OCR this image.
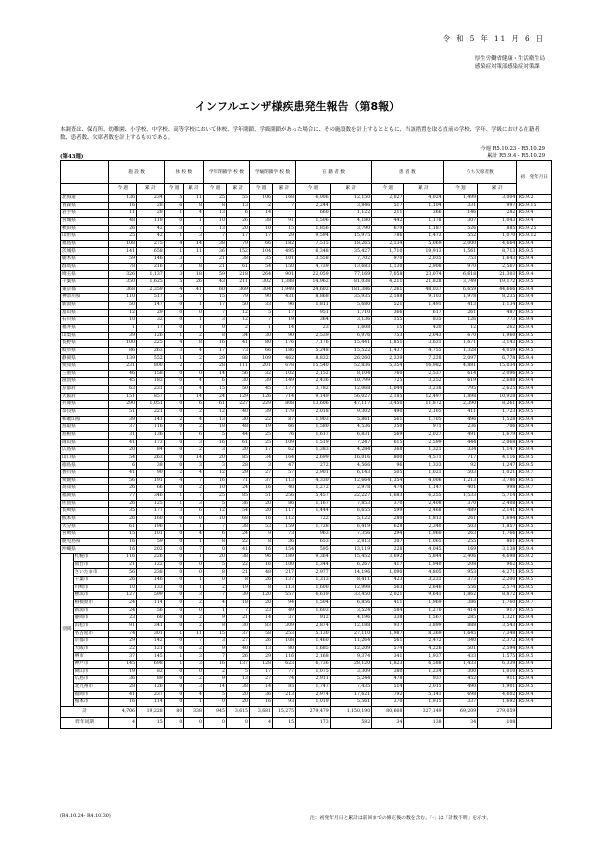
令 和 5 年 11 月 6 日
厚生労働省健康・生活衛生局
感染症対策部感染症対策課
インフルエンザ様疾患発生報告（第8報）
本調査は、保育所、幼稚園、小学校、中学校、高等学校において休校、学年閉鎖、学級閉鎖があった場合に、その施設数を計上するとともに、当該措置を取る直前の学校、学年、学級における在籍者数、患者数、欠席者数を計上するものである。
今週 R5.10.23 - R5.10.29
(第43週)	累計 R5.9.4 - R5.10.29
		施 設 数		休 校 数		学年閉鎖学 校 数		学級閉鎖学 校 数		在 籍 者 数		患 者 数		うち欠席者数		初　発年月日
		今 週	累 計	今 週	累 計	今 週	累 計	今 週	累 計	今 週	累 計	今 週	累 計	今 週	累 計	
北海道		136	234	5	11	25	55	106	168	6,006	12,150	2,027	4,024	1,499	3,004	R5.9.2
青森県		16	28	6	8	8	13	2	7	2,244	3,846	517	1,104	331	997	R5.9.15
岩手県		11	28	1	4	13	6	14		660	1,122	211	366	146	282	R5.9.4
宮城県		48	118	0	1	10	26	38	91	1,506	4,180	442	1,178	307	1,043	R5.9.4
秋田県		26	42	3	7	13	20	10	15	1,856	3,790	679	1,187	526	885	R5.9.25
山形県		25	42	1	3	7	17	17	29	9,594	15,975	786	1,473	552	1,070	R5.9.12
福島県		108	275	4	14	38	79	66	182	7,515	18,265	2,134	5,069	2,000	4,664	R5.9.4
茨城県		141	658	1	11	36	152	104	495	6,348	35,427	1,710	19,913	1,561	8,713	R5.9.5
栃木県		59	146	3	7	21	38	35	101	3,558	7,702	970	2,035	753	1,643	R5.9.4
群馬県		78	216	3	8	21	61	54	150	4,739	13,683	1,130	2,908	970	2,567	R5.9.4
埼玉県		326	1,137	3	18	59	218	264	901	22,059	77,169	7,058	23,074	6,618	21,303	R5.9.4
千葉県		350	1,625	5	26	43	211	302	1,388	14,962	81,038	4,211	21,828	3,749	19,172	R5.9.5
東京都		368	2,359	4	41	60	369	304	1,949	24,602	181,386	7,261	48,037	6,659	44,666	R5.9.4
神奈川県		110	517	5	7	15	79	90	431	8,868	35,935	2,188	9,103	1,978	8,235	R5.9.4
新潟県		50	147	0	1	17	50	33	96	1,811	5,680	521	1,491	413	1,134	R5.9.4
富山県		12	29	0	0	7	12	5	17	951	1,710	366	617	261	487	R5.9.5
石川県		10	32	0	1	3	12	7	19	364	3,136	155	835	126	773	R5.9.4
福井県		1	17	0	1	0	2	1	14	23	1,608	15	430	12	262	R5.9.4
山梨県		39	126	1	2	8	34	30	90	2,539	6,976	753	2,043	670	1,960	R5.9.5
長野県		100	225	4	8	16	41	80	176	7,176	15,441	1,851	3,631	1,671	3,143	R5.9.5
岐阜県		86	263	3	4	17	73	66	186	5,248	15,522	1,437	4,755	1,328	4,059	R5.9.5
静岡県		139	552	1	2	29	88	109	462	8,832	26,260	2,339	7,228	2,097	6,778	R5.9.4
愛知県		231	800	2	7	28	111	201	678	15,540	52,836	5,354	16,982	4,881	15,034	R5.9.5
三重県		46	158	0	0	14	56	32	102	2,152	8,104	760	2,537	614	2,096	R5.9.5
滋賀県		45	183	0	4	6	30	39	149	2,436	10,799	725	3,252	619	2,688	R5.9.4
京都府		63	231	3	4	15	50	45	177	3,782	12,068	1,044	3,238	795	2,625	R5.9.4
大阪府		151	857	1	14	24	129	126	714	9,149	56,027	2,185	12,497	1,898	10,928	R5.9.4
兵庫県		290	1,051	0	6	61	227	229	808	13,606	47,117	3,450	11,872	2,390	8,261	R5.9.4
奈良県		51	221	0	2	12	40	39	179	2,018	9,302	490	2,105	411	1,723	R5.9.5
和歌山県		39	141	2	4	13	30	22	87	1,903	5,861	561	1,705	496	1,528	R5.9.4
鳥取県		37	116	0	2	18	48	19	66	1,580	4,536	350	971	236	706	R5.9.4
島根県		31	136	1	6	5	44	25	76	1,617	6,831	569	2,027	491	1,679	R5.9.4
岡山県		41	173	0	3	16	61	25	109	1,519	7,247	615	2,599	444	2,068	R5.9.4
広島県		20	84	0	2	3	20	17	62	1,383	4,284	368	1,321	334	1,147	R5.9.4
山口県		54	263	0	14	20	85	34	164	2,699	16,016	800	4,571	717	4,116	R5.9.5
徳島県		6	38	0	3	3	28	3	47	272	4,566	96	1,333	92	1,247	R5.9.5
香川県		41	90	2	4	12	29	27	57	2,901	6,143	505	1,021	503	1,021	R5.9.7
愛媛県		56	191	4	7	16	71	37	113	4,330	12,664	1,354	4,006	1,213	3,786	R5.9.5
高知県		26	66	0	2	10	24	16	40	1,272	2,978	474	1,147	401	998	R5.9.7
福岡県		77	346	1	7	25	85	51	256	5,457	22,227	1,683	6,255	1,533	5,714	R5.9.4
佐賀県		26	125	1	3	5	36	20	86	1,167	7,853	370	2,408	370	2,408	R5.9.4
長崎県		35	177	3	6	12	54	20	117	1,444	6,655	599	2,468	489	2,141	R5.9.4
熊本県		26	160	0	0	10	68	16	112	722	5,122	280	1,813	261	1,694	R5.9.4
大分県		61	196	1	1	7	38	53	159	1,728	6,419	628	2,340	503	1,857	R5.9.5
宮崎県		15	101	0	4	6	24	9	73	963	7,356	294	1,960	263	1,766	R5.9.4
鹿児島県		16	59	0	1	8	22	8	36	653	2,813	307	1,065	255	861	R5.9.4
沖縄県		16	202	0	7	0	41	16	154	595	13,119	228	4,045	169	3,138	R5.9.4
別掲	札幌市	116	226	0	1	20	38	96	189	9,364	15,452	3,692	5,844	2,406	4,698	R5.9.2
	仙台市	21	122	0	0	5	22	16	100	1,344	6,267	417	1,940	208	962	R5.9.5
	さいたま市	56	238	0	0	8	21	48	217	2,977	14,196	1,090	4,805	953	4,271	R5.9.5
	千葉市	26	146	0	1	0	8	26	137	1,313	8,411	423	3,231	373	2,200	R5.9.5
	川崎市	10	133	0	1	2	19	8	113	1,600	12,998	563	2,646	556	2,574	R5.9.5
	横浜市	127	599	0	3	7	39	120	557	6,619	33,450	2,021	9,641	1,862	8,872	R5.9.4
	相模原市	24	114	0	2	4	18	20	94	1,504	6,856	411	1,969	386	1,760	R5.9.7
	新潟市	24	56	0	0	1	7	23	49	1,603	3,524	584	1,270	414	917	R5.9.5
	静岡市	23	60	0	2	9	21	14	37	912	4,196	338	1,567	285	1,321	R5.9.4
	浜松市	91	341	0	2	8	30	83	309	2,874	12,188	937	3,899	888	3,543	R5.9.4
	名古屋市	74	301	1	11	15	37	58	253	5,130	27,110	1,987	8,369	1,645	7,348	R5.9.4
	京都市	29	142	0	7	3	27	26	108	1,460	11,264	561	2,472	340	2,372	R5.9.4
	大阪市	22	121	0	2	9	40	13	80	1,685	12,209	574	4,226	501	2,594	R5.9.4
	堺市	37	145	1	3	7	26	29	116	2,168	9,374	341	1,937	433	1,575	R5.9.5
	神戸市	145	698	1	3	16	137	128	623	6,736	28,120	1,823	6,588	1,433	6,339	R5.9.4
	岡山市	19	82	0	0	2	5	17	77	1,075	3,309	380	1,234	300	1,010	R5.9.5
	広島市	36	89	0	2	9	13	27	74	2,911	5,244	478	937	452	911	R5.9.4
	北九州市	28	126	0	3	14	38	14	85	1,747	7,435	514	2,015	490	1,901	R5.9.5
	福岡市	41	237	0	4	5	20	36	213	2,974	17,621	792	5,141	698	4,602	R5.9.4
	熊本市	16	114	0	1	0	20	16	93	1,019	5,561	370	1,915	337	1,692	R5.9.4
計		4,706	19,228	80	338	945	3,615	3,681	15,275	279,479	1,150,190	80,608	327,149	69,209	279,059	
昨年同期		4	15	0	0	0	0	4	15	173	582	34	138	34	108	
(R4.10.24- R4.10.30)	注：初発年月日と累計は前回までの修正後の数を含む。「-」は「計数不明」を示す。
